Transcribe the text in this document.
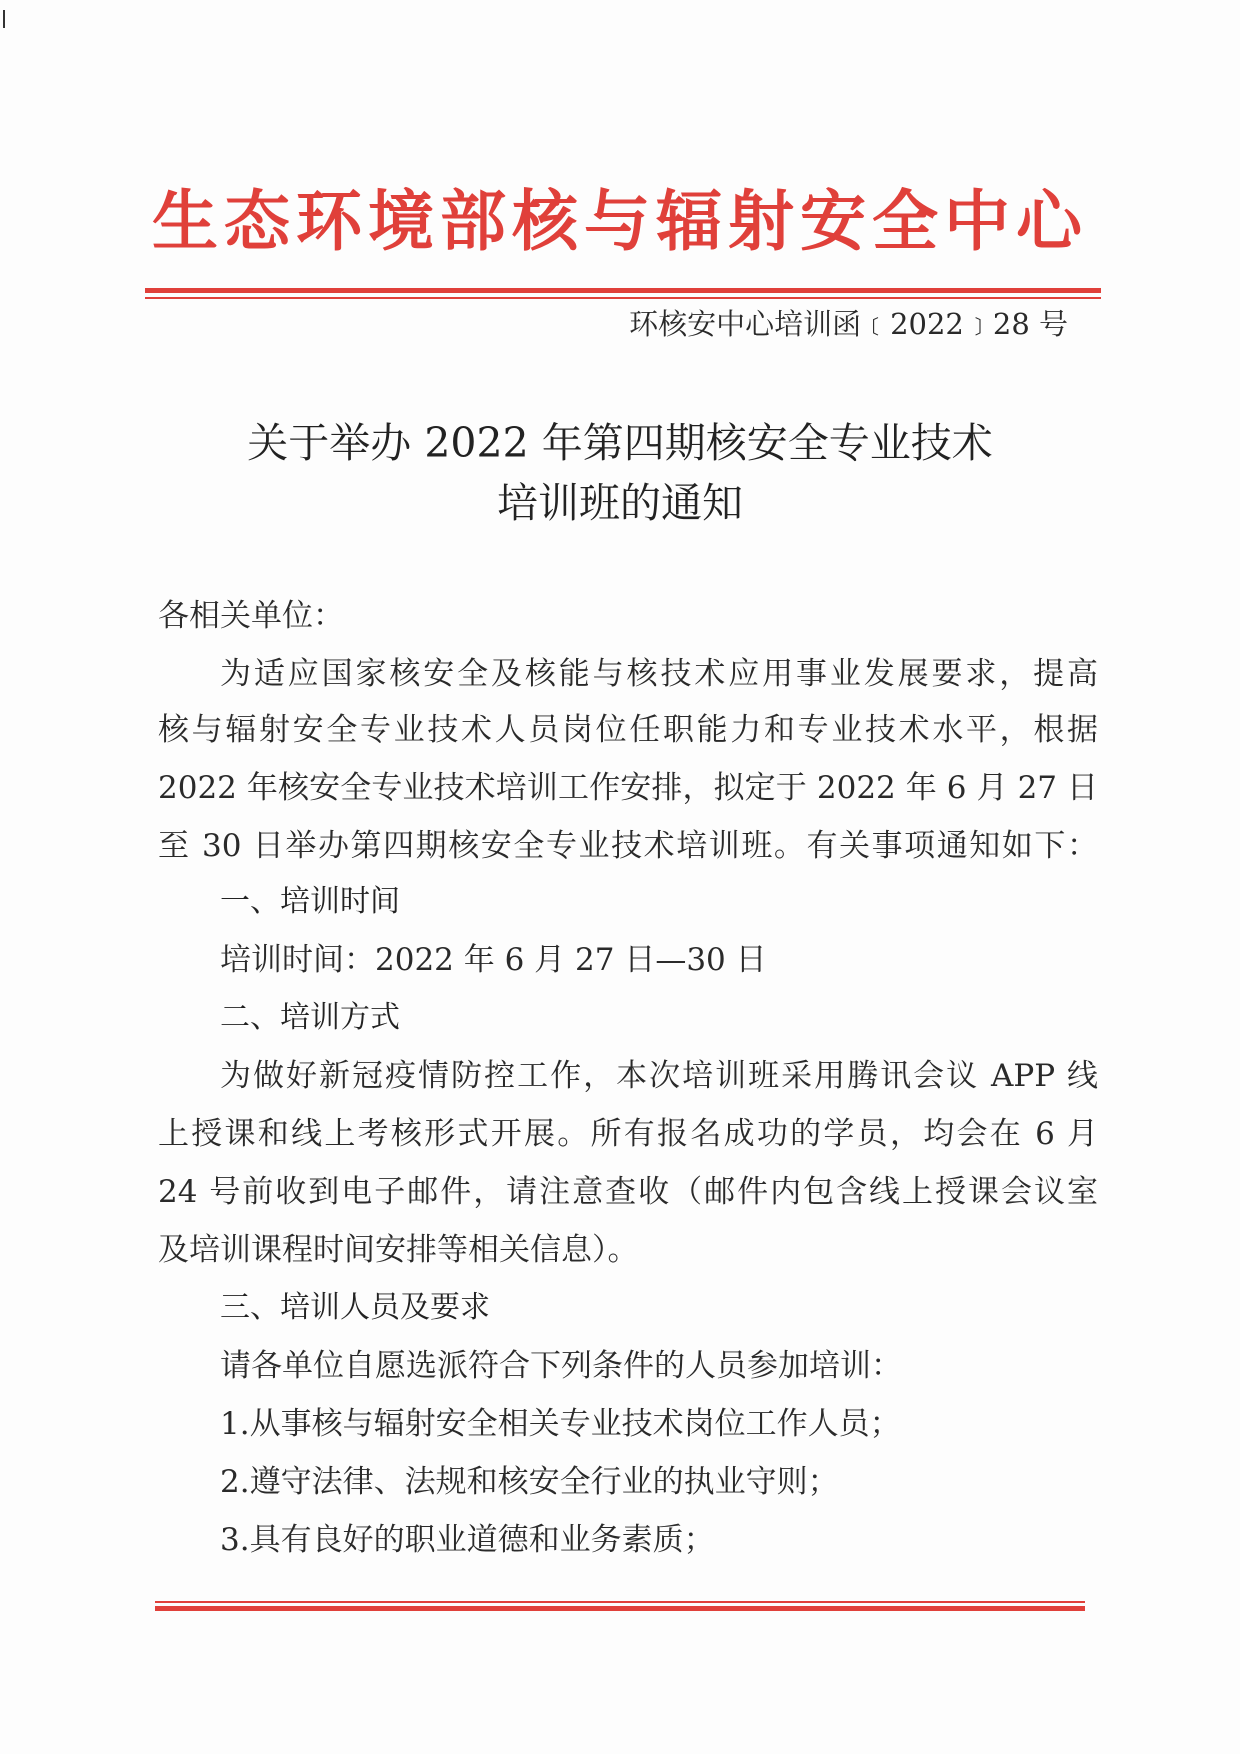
生态环境部核与辐射安全中心
环核安中心培训函﹝2022﹞28 号
关于举办 2022 年第四期核安全专业技术
培训班的通知
各相关单位：
为适应国家核安全及核能与核技术应用事业发展要求，提高
核与辐射安全专业技术人员岗位任职能力和专业技术水平，根据
2022 年核安全专业技术培训工作安排，拟定于 2022 年 6 月 27 日
至 30 日举办第四期核安全专业技术培训班。有关事项通知如下：
一、培训时间
培训时间：2022 年 6 月 27 日—30 日
二、培训方式
为做好新冠疫情防控工作，本次培训班采用腾讯会议 APP 线
上授课和线上考核形式开展。所有报名成功的学员，均会在 6 月
24 号前收到电子邮件，请注意查收（邮件内包含线上授课会议室
及培训课程时间安排等相关信息）。
三、培训人员及要求
请各单位自愿选派符合下列条件的人员参加培训：
1.从事核与辐射安全相关专业技术岗位工作人员；
2.遵守法律、法规和核安全行业的执业守则；
3.具有良好的职业道德和业务素质；
